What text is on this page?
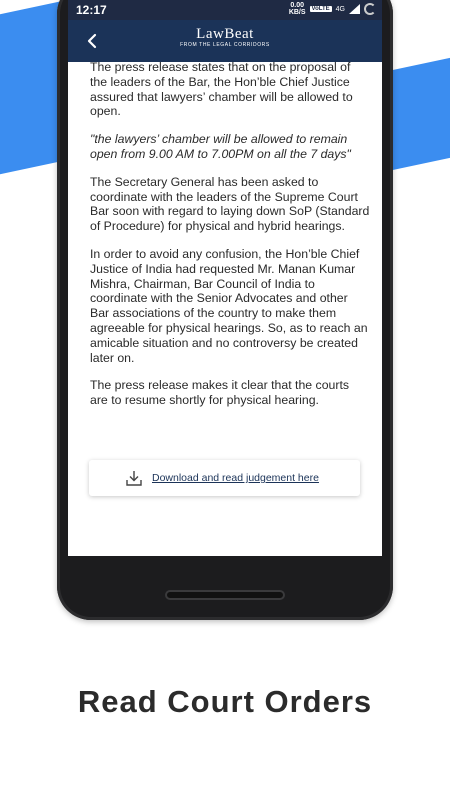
12:17	0.00
KB/S	VoLTE 4G
LawBeat
FROM THE LEGAL CORRIDORS

The press release states that on the proposal of the leaders of the Bar, the Hon’ble Chief Justice assured that lawyers’ chamber will be allowed to open.

"the lawyers’ chamber will be allowed to remain open from 9.00 AM to 7.00PM on all the 7 days"

The Secretary General has been asked to coordinate with the leaders of the Supreme Court Bar soon with regard to laying down SoP (Standard of Procedure) for physical and hybrid hearings.

In order to avoid any confusion, the Hon’ble Chief Justice of India had requested Mr. Manan Kumar Mishra, Chairman, Bar Council of India to coordinate with the Senior Advocates and other Bar associations of the country to make them agreeable for physical hearings. So, as to reach an amicable situation and no controversy be created later on.

The press release makes it clear that the courts are to resume shortly for physical hearing.

Download and read judgement here
Read Court Orders
